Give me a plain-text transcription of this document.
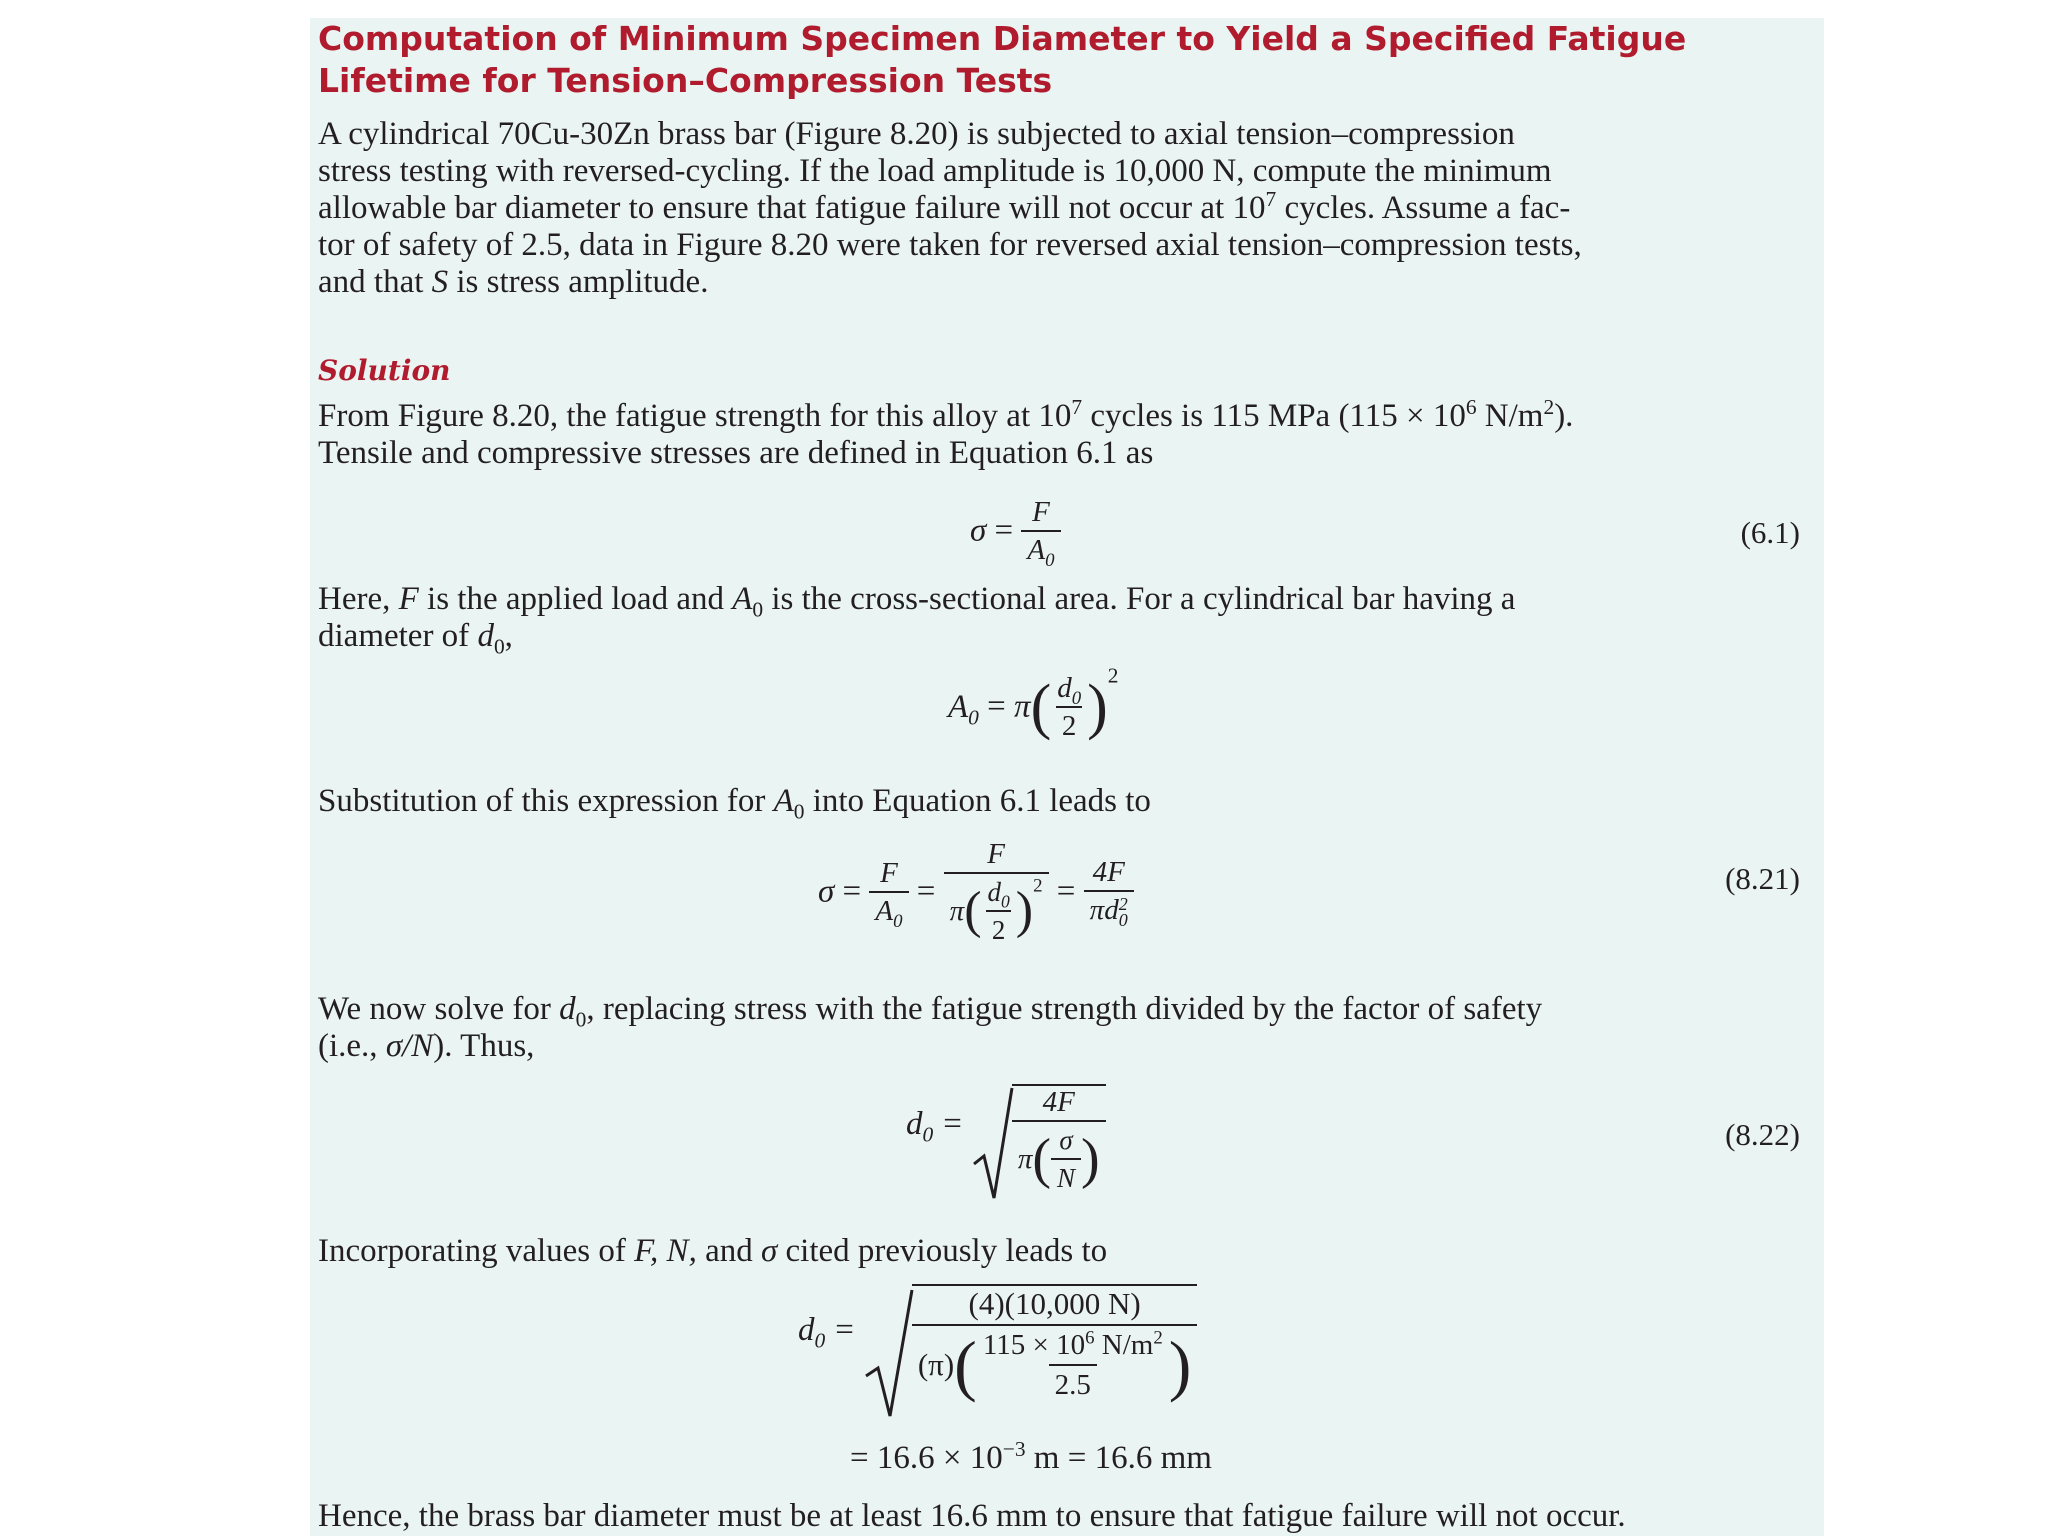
Computation of Minimum Specimen Diameter to Yield a Specified Fatigue

Lifetime for Tension–Compression Tests

A cylindrical 70Cu-30Zn brass bar (Figure 8.20) is subjected to axial tension–compression

stress testing with reversed-cycling. If the load amplitude is 10,000 N, compute the minimum

allowable bar diameter to ensure that fatigue failure will not occur at $10^7$ cycles. Assume a fac-

tor of safety of 2.5, data in Figure 8.20 were taken for reversed axial tension–compression tests,

and that S is stress amplitude.

Solution

From Figure 8.20, the fatigue strength for this alloy at $10^7$ cycles is 115 MPa ($115 \times 10^6$ $N/m^2$).

Tensile and compressive stresses are defined in Equation 6.1 as

$\sigma = \frac{F}{A_0}$	(6.1)

Here, F is the applied load and $A_0$ is the cross-sectional area. For a cylindrical bar having a

diameter of $d_0$,

$A_0 = \pi( \frac{d_0}{2} )^2$

Substitution of this expression for $A_0$ into Equation 6.1 leads to

$\sigma = \frac{F}{A_0} = \frac{F}{\pi( \frac{d_0}{2} )^2} = 4F$
πd 2
0	(8.21)

We now solve for $d_0$, replacing stress with the fatigue strength divided by the factor of safety

(i.e., σ/N). Thus,

$d_0 = \frac{4F}{\pi( \frac{\sigma}{N} )}$	(8.22)

Incorporating values of F, N, and σ cited previously leads to

$d_0 = \frac{(4)(10,000 N)}{(\pi)( \frac{115 \times 10^6 N/m^2}{2.5} )}$
= $16.6 \times 10^{-3}$ m = 16.6 mm

Hence, the brass bar diameter must be at least 16.6 mm to ensure that fatigue failure will not occur.
